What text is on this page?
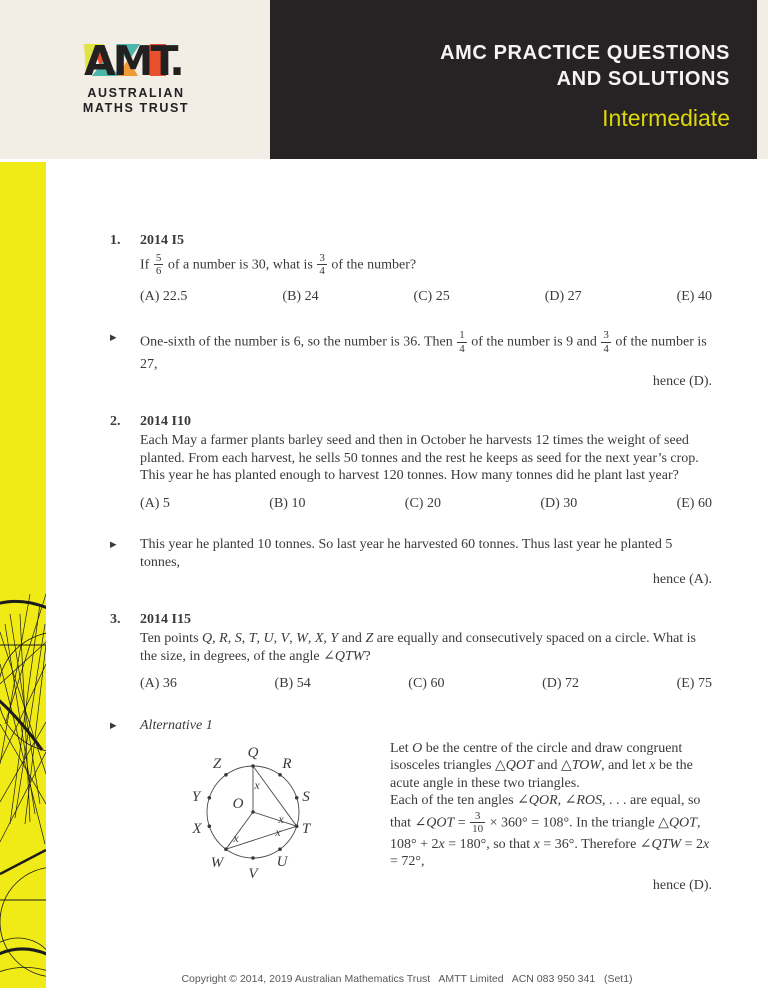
AMT.
AUSTRALIAN
MATHS TRUST
AMC PRACTICE QUESTIONS
AND SOLUTIONS
Intermediate
1.	2014 I5
If $\frac{5}{6}$ of a number is 30, what is $\frac{3}{4}$ of the number?
(A) 22.5	(B) 24	(C) 25	(D) 27	(E) 40
▶	One-sixth of the number is 6, so the number is 36. Then $\frac{1}{4}$ of the number is 9 and $\frac{3}{4}$ of the number is 27,
hence (D).
2.	2014 I10
Each May a farmer plants barley seed and then in October he harvests 12 times the weight of seed planted. From each harvest, he sells 50 tonnes and the rest he keeps as seed for the next year’s crop. This year he has planted enough to harvest 120 tonnes. How many tonnes did he plant last year?
(A) 5	(B) 10	(C) 20	(D) 30	(E) 60
▶	This year he planted 10 tonnes. So last year he harvested 60 tonnes. Thus last year he planted 5 tonnes,
hence (A).
3.	2014 I15
Ten points Q, R, S, T, U, V, W, X, Y and Z are equally and consecutively spaced on a circle. What is the size, in degrees, of the angle ∠QTW?
(A) 36	(B) 54	(C) 60	(D) 72	(E) 75
▶	Alternative 1
Q
R
S
T
U
V
W
X
Y
Z
O
x
x
x
x
Let O be the centre of the circle and draw congruent isosceles triangles △QOT and △TOW, and let x be the acute angle in these two triangles.
Each of the ten angles ∠QOR, ∠ROS, . . . are equal, so that ∠QOT = $\frac{3}{10} \times 360^\circ = 108^\circ$. In the triangle △QOT, 108° + 2x = 180°, so that x = 36°. Therefore ∠QTW = 2x = 72°,
hence (D).
Copyright © 2014, 2019 Australian Mathematics Trust   AMTT Limited   ACN 083 950 341   (Set1)
